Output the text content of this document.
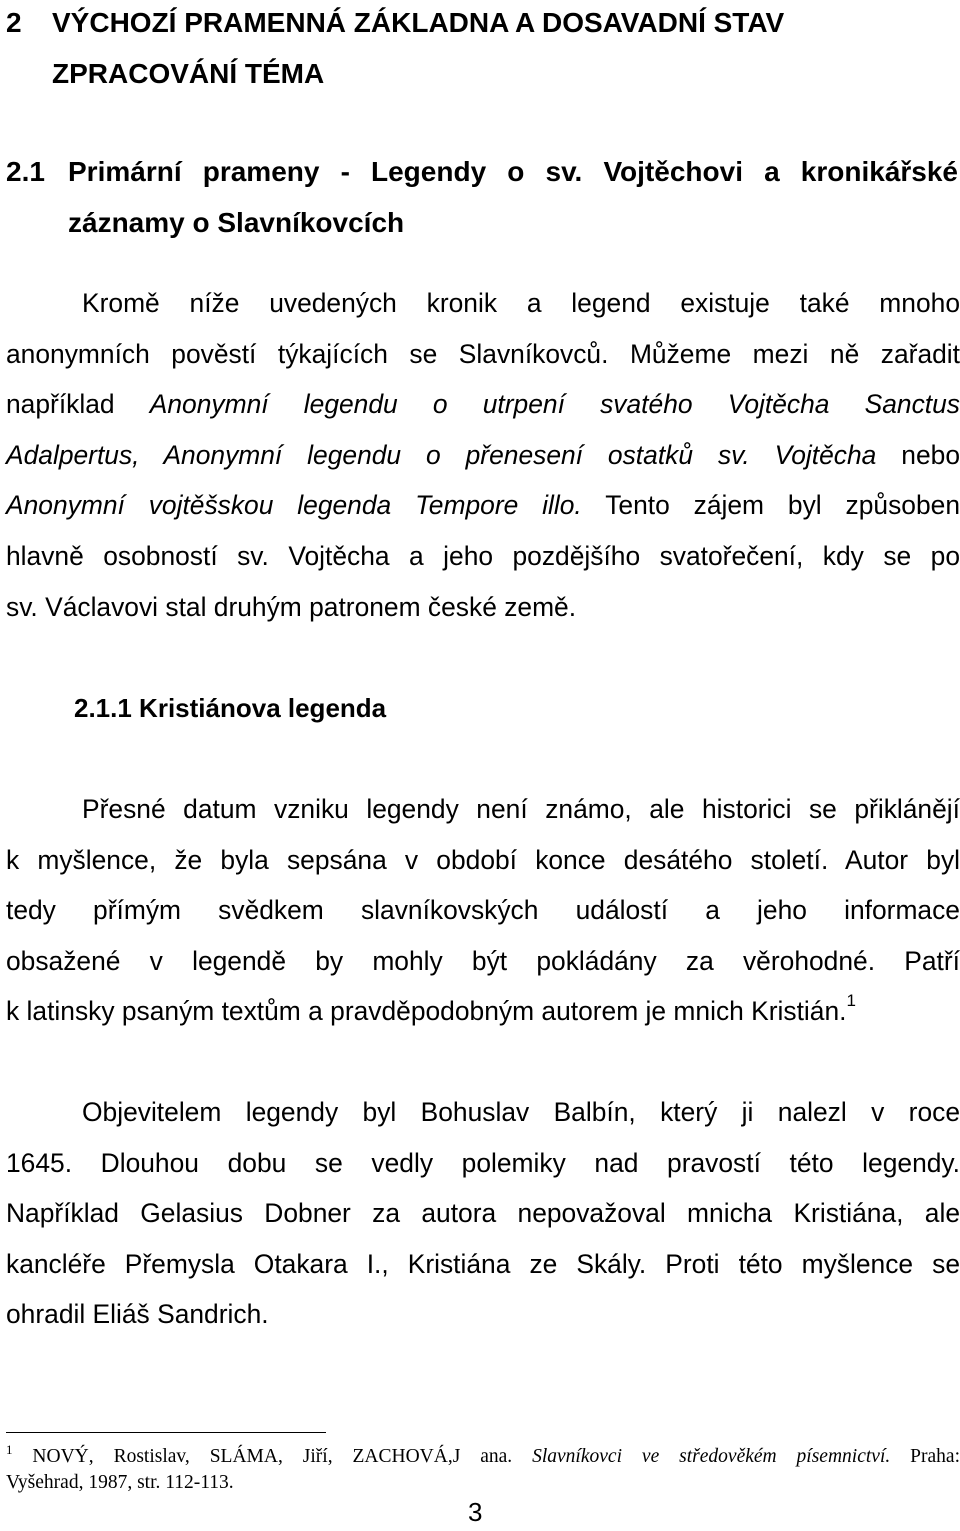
2 VÝCHOZÍ PRAMENNÁ ZÁKLADNA A DOSAVADNÍ STAV
ZPRACOVÁNÍ TÉMA
2.1 Primární prameny - Legendy o sv. Vojtěchovi a kronikářské
záznamy o Slavníkovcích
Kromě níže uvedených kronik a legend existuje také mnoho
anonymních pověstí týkajících se Slavníkovců. Můžeme mezi ně zařadit
například Anonymní legendu o utrpení svatého Vojtěcha Sanctus
Adalpertus, Anonymní legendu o přenesení ostatků sv. Vojtěcha nebo
Anonymní vojtěšskou legenda Tempore illo. Tento zájem byl způsoben
hlavně osobností sv. Vojtěcha a jeho pozdějšího svatořečení, kdy se po
sv. Václavovi stal druhým patronem české země.
2.1.1 Kristiánova legenda
Přesné datum vzniku legendy není známo, ale historici se přiklánějí
k myšlence, že byla sepsána v období konce desátého století. Autor byl
tedy přímým svědkem slavníkovských událostí a jeho informace
obsažené v legendě by mohly být pokládány za věrohodné. Patří
k latinsky psaným textům a pravděpodobným autorem je mnich Kristián.$^1$
Objevitelem legendy byl Bohuslav Balbín, který ji nalezl v roce
1645. Dlouhou dobu se vedly polemiky nad pravostí této legendy.
Například Gelasius Dobner za autora nepovažoval mnicha Kristiána, ale
kancléře Přemysla Otakara I., Kristiána ze Skály. Proti této myšlence se
ohradil Eliáš Sandrich.
$^1$ NOVÝ, Rostislav, SLÁMA, Jiří, ZACHOVÁ,J ana. Slavníkovci ve středověkém písemnictví. Praha:
Vyšehrad, 1987, str. 112-113.
3
